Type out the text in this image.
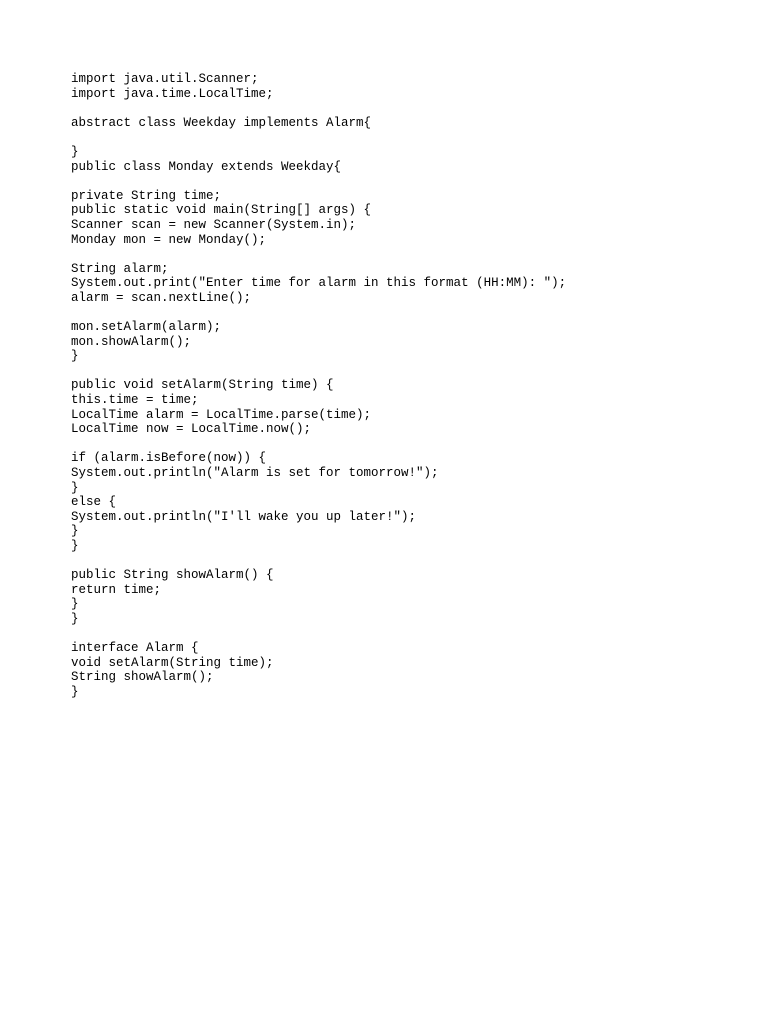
import java.util.Scanner;
import java.time.LocalTime;
abstract class Weekday implements Alarm{
}
public class Monday extends Weekday{
private String time;
public static void main(String[] args) {
Scanner scan = new Scanner(System.in);
Monday mon = new Monday();
String alarm;
System.out.print("Enter time for alarm in this format (HH:MM): ");
alarm = scan.nextLine();
mon.setAlarm(alarm);
mon.showAlarm();
}
public void setAlarm(String time) {
this.time = time;
LocalTime alarm = LocalTime.parse(time);
LocalTime now = LocalTime.now();
if (alarm.isBefore(now)) {
System.out.println("Alarm is set for tomorrow!");
}
else {
System.out.println("I'll wake you up later!");
}
}
public String showAlarm() {
return time;
}
}
interface Alarm {
void setAlarm(String time);
String showAlarm();
}
